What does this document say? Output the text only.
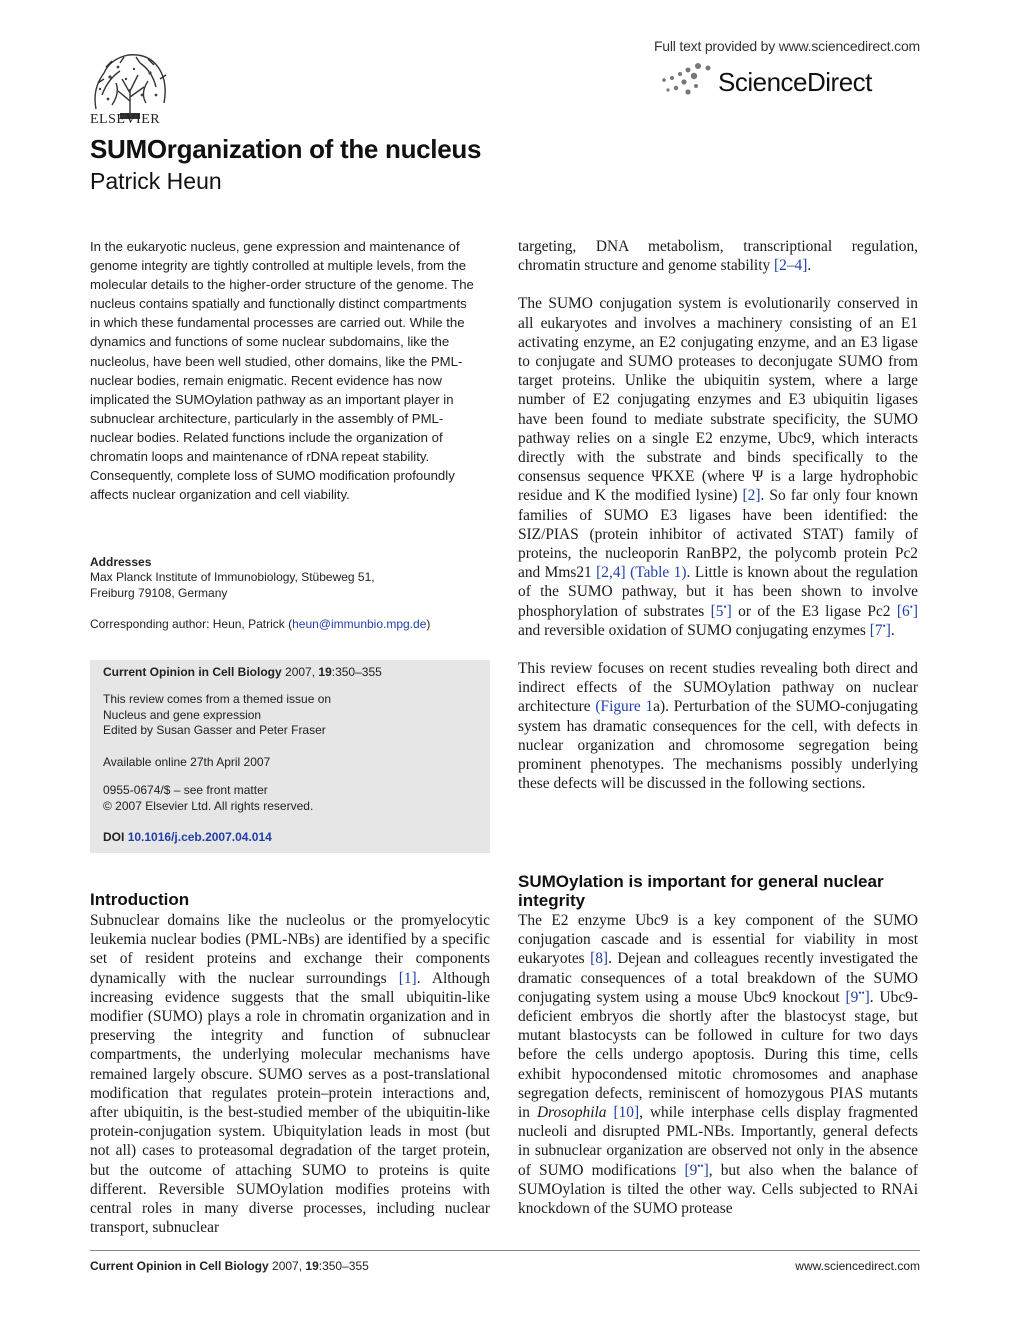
ELSEVIER
Full text provided by www.sciencedirect.com
ScienceDirect
SUMOrganization of the nucleus
Patrick Heun

In the eukaryotic nucleus, gene expression and maintenance of genome integrity are tightly controlled at multiple levels, from the molecular details to the higher-order structure of the genome. The nucleus contains spatially and functionally distinct compartments in which these fundamental processes are carried out. While the dynamics and functions of some nuclear subdomains, like the nucleolus, have been well studied, other domains, like the PML-nuclear bodies, remain enigmatic. Recent evidence has now implicated the SUMOylation pathway as an important player in subnuclear architecture, particularly in the assembly of PML-nuclear bodies. Related functions include the organization of chromatin loops and maintenance of rDNA repeat stability. Consequently, complete loss of SUMO modification profoundly affects nuclear organization and cell viability.

Addresses
Max Planck Institute of Immunobiology, Stübeweg 51,
Freiburg 79108, Germany
Corresponding author: Heun, Patrick (heun@immunbio.mpg.de)
Current Opinion in Cell Biology 2007, 19:350–355
This review comes from a themed issue on
Nucleus and gene expression
Edited by Susan Gasser and Peter Fraser
Available online 27th April 2007
0955-0674/$ – see front matter
© 2007 Elsevier Ltd. All rights reserved.
DOI 10.1016/j.ceb.2007.04.014
Introduction

Subnuclear domains like the nucleolus or the promyelocytic leukemia nuclear bodies (PML-NBs) are identified by a specific set of resident proteins and exchange their components dynamically with the nuclear surroundings [1]. Although increasing evidence suggests that the small ubiquitin-like modifier (SUMO) plays a role in chromatin organization and in preserving the integrity and function of subnuclear compartments, the underlying molecular mechanisms have remained largely obscure. SUMO serves as a post-translational modification that regulates protein–protein interactions and, after ubiquitin, is the best-studied member of the ubiquitin-like protein-conjugation system. Ubiquitylation leads in most (but not all) cases to proteasomal degradation of the target protein, but the outcome of attaching SUMO to proteins is quite different. Reversible SUMOylation modifies proteins with central roles in many diverse processes, including nuclear transport, subnuclear

targeting, DNA metabolism, transcriptional regulation, chromatin structure and genome stability [2–4].

The SUMO conjugation system is evolutionarily conserved in all eukaryotes and involves a machinery consisting of an E1 activating enzyme, an E2 conjugating enzyme, and an E3 ligase to conjugate and SUMO proteases to deconjugate SUMO from target proteins. Unlike the ubiquitin system, where a large number of E2 conjugating enzymes and E3 ubiquitin ligases have been found to mediate substrate specificity, the SUMO pathway relies on a single E2 enzyme, Ubc9, which interacts directly with the substrate and binds specifically to the consensus sequence ΨKXE (where Ψ is a large hydrophobic residue and K the modified lysine) [2]. So far only four known families of SUMO E3 ligases have been identified: the SIZ/PIAS (protein inhibitor of activated STAT) family of proteins, the nucleoporin RanBP2, the polycomb protein Pc2 and Mms21 [2,4] (Table 1). Little is known about the regulation of the SUMO pathway, but it has been shown to involve phosphorylation of substrates [5•] or of the E3 ligase Pc2 [6•] and reversible oxidation of SUMO conjugating enzymes [7•].

This review focuses on recent studies revealing both direct and indirect effects of the SUMOylation pathway on nuclear architecture (Figure 1a). Perturbation of the SUMO-conjugating system has dramatic consequences for the cell, with defects in nuclear organization and chromosome segregation being prominent phenotypes. The mechanisms possibly underlying these defects will be discussed in the following sections.

SUMOylation is important for general nuclear integrity

The E2 enzyme Ubc9 is a key component of the SUMO conjugation cascade and is essential for viability in most eukaryotes [8]. Dejean and colleagues recently investigated the dramatic consequences of a total breakdown of the SUMO conjugating system using a mouse Ubc9 knockout [9••]. Ubc9-deficient embryos die shortly after the blastocyst stage, but mutant blastocysts can be followed in culture for two days before the cells undergo apoptosis. During this time, cells exhibit hypocondensed mitotic chromosomes and anaphase segregation defects, reminiscent of homozygous PIAS mutants in Drosophila [10], while interphase cells display fragmented nucleoli and disrupted PML-NBs. Importantly, general defects in subnuclear organization are observed not only in the absence of SUMO modifications [9••], but also when the balance of SUMOylation is tilted the other way. Cells subjected to RNAi knockdown of the SUMO protease

Current Opinion in Cell Biology 2007, 19:350–355	www.sciencedirect.com
